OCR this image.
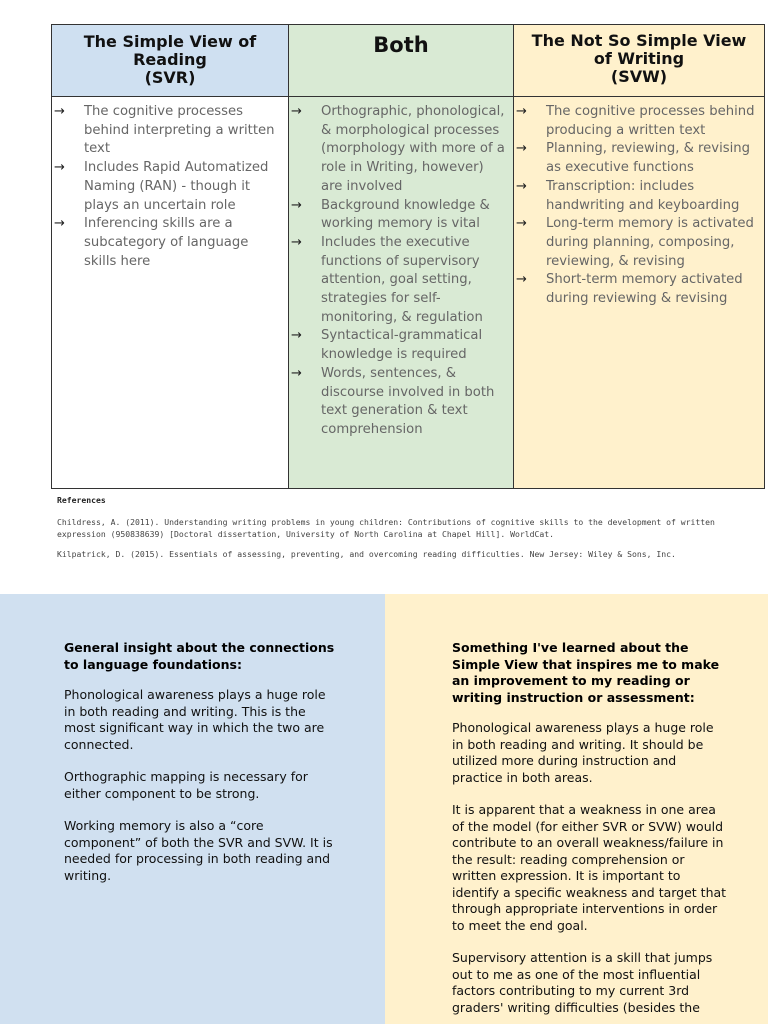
The Simple View of
Reading
(SVR)
Both	The Not So Simple View
of Writing
(SVW)
→ The cognitive processes behind interpreting a written text
→ Includes Rapid Automatized Naming (RAN) - though it plays an uncertain role
→ Inferencing skills are a subcategory of language skills here
→ Orthographic, phonological, & morphological processes (morphology with more of a role in Writing, however) are involved
→ Background knowledge & working memory is vital
→ Includes the executive functions of supervisory attention, goal setting, strategies for self-monitoring, & regulation
→ Syntactical-grammatical knowledge is required
→ Words, sentences, & discourse involved in both text generation & text comprehension
→ The cognitive processes behind producing a written text
→ Planning, reviewing, & revising as executive functions
→ Transcription: includes handwriting and keyboarding
→ Long-term memory is activated during planning, composing, reviewing, & revising
→ Short-term memory activated during reviewing & revising
References

Childress, A. (2011). Understanding writing problems in young children: Contributions of cognitive skills to the development of written expression (950838639) [Doctoral dissertation, University of North Carolina at Chapel Hill]. WorldCat.

Kilpatrick, D. (2015). Essentials of assessing, preventing, and overcoming reading difficulties. New Jersey: Wiley & Sons, Inc.

General insight about the connections to language foundations:

Phonological awareness plays a huge role in both reading and writing. This is the most significant way in which the two are connected.

Orthographic mapping is necessary for either component to be strong.

Working memory is also a “core component” of both the SVR and SVW. It is needed for processing in both reading and writing.

Something I've learned about the Simple View that inspires me to make an improvement to my reading or writing instruction or assessment:

Phonological awareness plays a huge role in both reading and writing. It should be utilized more during instruction and practice in both areas.

It is apparent that a weakness in one area of the model (for either SVR or SVW) would contribute to an overall weakness/failure in the result: reading comprehension or written expression. It is important to identify a specific weakness and target that through appropriate interventions in order to meet the end goal.

Supervisory attention is a skill that jumps out to me as one of the most influential factors contributing to my current 3rd graders' writing difficulties (besides the
